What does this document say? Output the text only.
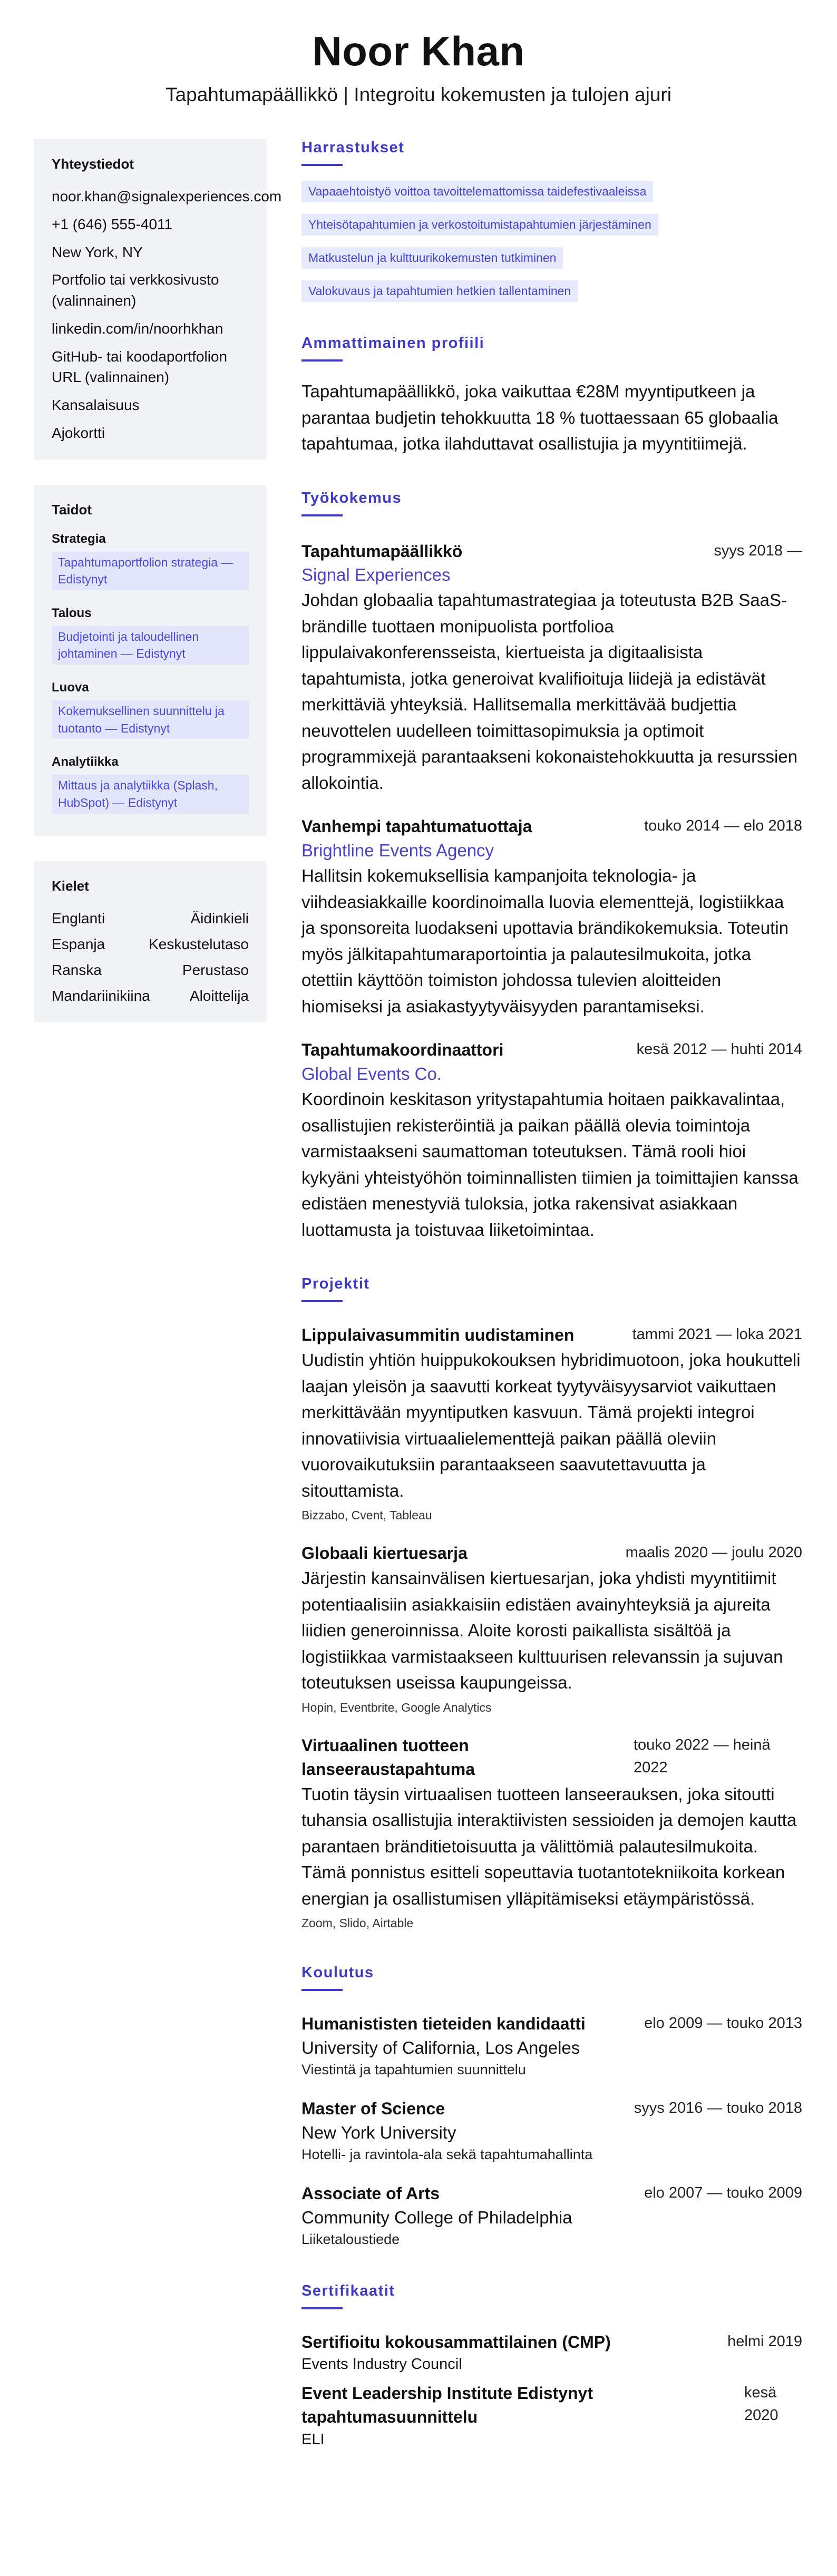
Noor Khan
Tapahtumapäällikkö | Integroitu kokemusten ja tulojen ajuri
Yhteystiedot
noor.khan@signalexperiences.com
+1 (646) 555-4011
New York, NY
Portfolio tai verkkosivusto (valinnainen)
linkedin.com/in/noorhkhan
GitHub- tai koodaportfolion URL (valinnainen)
Kansalaisuus
Ajokortti
Taidot
Strategia
Tapahtumaportfolion strategia — Edistynyt
Talous
Budjetointi ja taloudellinen johtaminen — Edistynyt
Luova
Kokemuksellinen suunnittelu ja tuotanto — Edistynyt
Analytiikka
Mittaus ja analytiikka (Splash, HubSpot) — Edistynyt
Kielet
Englanti	Äidinkieli
Espanja	Keskustelutaso
Ranska	Perustaso
Mandariinikiina	Aloittelija
Harrastukset
Vapaaehtoistyö voittoa tavoittelemattomissa taidefestivaaleissa
Yhteisötapahtumien ja verkostoitumistapahtumien järjestäminen
Matkustelun ja kulttuurikokemusten tutkiminen
Valokuvaus ja tapahtumien hetkien tallentaminen
Ammattimainen profiili
Tapahtumapäällikkö, joka vaikuttaa €28M myyntiputkeen ja parantaa budjetin tehokkuutta 18 % tuottaessaan 65 globaalia tapahtumaa, jotka ilahduttavat osallistujia ja myyntitiimejä.
Työkokemus
Tapahtumapäällikkö	syys 2018 —
Signal Experiences
Johdan globaalia tapahtumastrategiaa ja toteutusta B2B SaaS-brändille tuottaen monipuolista portfolioa lippulaivakonferensseista, kiertueista ja digitaalisista tapahtumista, jotka generoivat kvalifioituja liidejä ja edistävät merkittäviä yhteyksiä. Hallitsemalla merkittävää budjettia neuvottelen uudelleen toimittasopimuksia ja optimoit programmixejä parantaakseni kokonaistehokkuutta ja resurssien allokointia.
Vanhempi tapahtumatuottaja	touko 2014 — elo 2018
Brightline Events Agency
Hallitsin kokemuksellisia kampanjoita teknologia- ja viihdeasiakkaille koordinoimalla luovia elementtejä, logistiikkaa ja sponsoreita luodakseni upottavia brändikokemuksia. Toteutin myös jälkitapahtumaraportointia ja palautesilmukoita, jotka otettiin käyttöön toimiston johdossa tulevien aloitteiden hiomiseksi ja asiakastyytyväisyyden parantamiseksi.
Tapahtumakoordinaattori	kesä 2012 — huhti 2014
Global Events Co.
Koordinoin keskitason yritystapahtumia hoitaen paikkavalintaa, osallistujien rekisteröintiä ja paikan päällä olevia toimintoja varmistaakseni saumattoman toteutuksen. Tämä rooli hioi kykyäni yhteistyöhön toiminnallisten tiimien ja toimittajien kanssa edistäen menestyviä tuloksia, jotka rakensivat asiakkaan luottamusta ja toistuvaa liiketoimintaa.
Projektit
Lippulaivasummitin uudistaminen	tammi 2021 — loka 2021
Uudistin yhtiön huippukokouksen hybridimuotoon, joka houkutteli laajan yleisön ja saavutti korkeat tyytyväisyysarviot vaikuttaen merkittävään myyntiputken kasvuun. Tämä projekti integroi innovatiivisia virtuaalielementtejä paikan päällä oleviin vuorovaikutuksiin parantaakseen saavutettavuutta ja sitouttamista.
Bizzabo, Cvent, Tableau
Globaali kiertuesarja	maalis 2020 — joulu 2020
Järjestin kansainvälisen kiertuesarjan, joka yhdisti myyntitiimit potentiaalisiin asiakkaisiin edistäen avainyhteyksiä ja ajureita liidien generoinnissa. Aloite korosti paikallista sisältöä ja logistiikkaa varmistaakseen kulttuurisen relevanssin ja sujuvan toteutuksen useissa kaupungeissa.
Hopin, Eventbrite, Google Analytics
Virtuaalinen tuotteen lanseeraustapahtuma
touko 2022 — heinä 2022
Tuotin täysin virtuaalisen tuotteen lanseerauksen, joka sitoutti tuhansia osallistujia interaktiivisten sessioiden ja demojen kautta parantaen bränditietoisuutta ja välittömiä palautesilmukoita. Tämä ponnistus esitteli sopeuttavia tuotantotekniikoita korkean energian ja osallistumisen ylläpitämiseksi etäympäristössä.
Zoom, Slido, Airtable
Koulutus
Humanististen tieteiden kandidaatti	elo 2009 — touko 2013
University of California, Los Angeles
Viestintä ja tapahtumien suunnittelu
Master of Science	syys 2016 — touko 2018
New York University
Hotelli- ja ravintola-ala sekä tapahtumahallinta
Associate of Arts	elo 2007 — touko 2009
Community College of Philadelphia
Liiketaloustiede
Sertifikaatit
Sertifioitu kokousammattilainen (CMP)	helmi 2019
Events Industry Council
Event Leadership Institute Edistynyt tapahtumasuunnittelu
kesä 2020
ELI
